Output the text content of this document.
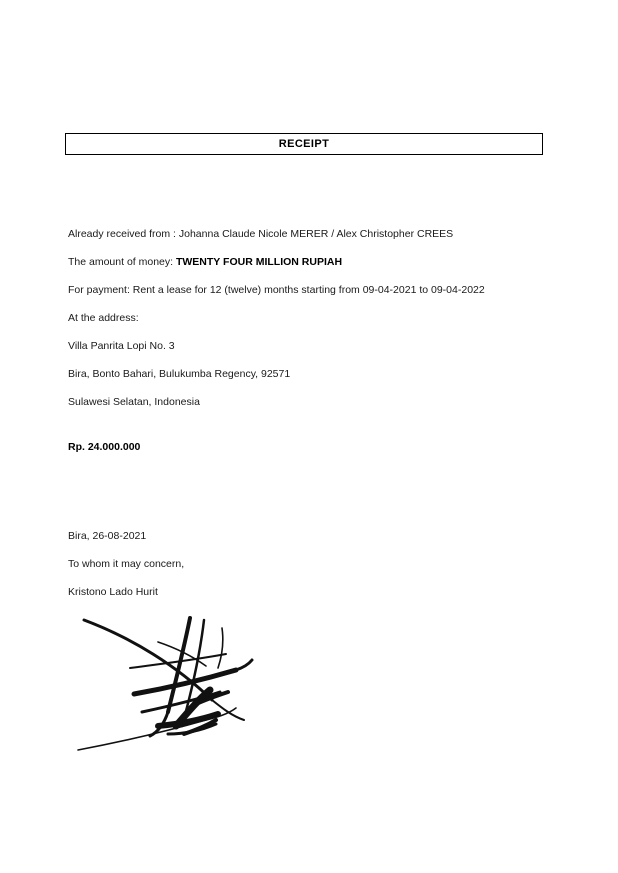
RECEIPT
Already received from : Johanna Claude Nicole MERER / Alex Christopher CREES
The amount of money: TWENTY FOUR MILLION RUPIAH
For payment: Rent a lease for 12 (twelve) months starting from 09-04-2021 to 09-04-2022
At the address:
Villa Panrita Lopi No. 3
Bira, Bonto Bahari, Bulukumba Regency, 92571
Sulawesi Selatan, Indonesia
Rp. 24.000.000
Bira, 26-08-2021
To whom it may concern,
Kristono Lado Hurit
